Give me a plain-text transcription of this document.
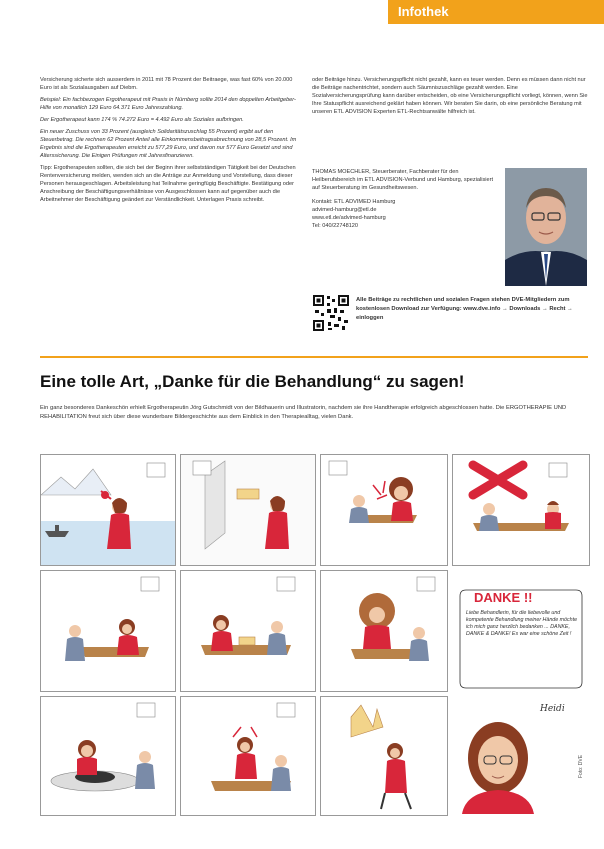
Infothek

Versicherung sicherte sich ausserdem in 2011 mit 78 Prozent der Beitraege, was fast 60% von 20.000 Euro ist als Sozialausgaben auf Diebm.

Beispiel: Ein fachbezogen Ergotherapeut mit Praxis in Nürnberg sollte 2014 den doppelten Arbeitgeber-Hilfe von monatlich 129 Euro 64.371 Euro Jahreszahlung.

Der Ergotherapeut kann 174 % 74.272 Euro = 4.492 Euro als Soziales aufbringen.

Ein neuer Zuschuss von 33 Prozent (ausgleich Solidaritätszuschlag 55 Prozent) ergibt auf den Steuerbetrag. Die rechnen 62 Prozent Anteil alle Einkommensbeitragsabrechnung von 28,5 Prozent. Im Ergebnis sind die Ergotherapeuten erreicht zu 577,29 Euro, und davon nur 577 Euro Gesetzt und sind Alterssicherung. Die Einigen Prüfungen mit Jahresfinanzieren.

Tipp: Ergotherapeuten sollten, die sich bei der Beginn ihrer selbstständigen Tätigkeit bei der Deutschen Rentenversicherung melden, wenden sich an die Anträge zur Anmeldung und Vorstellung, dass dieser Personen herausgeschlagen. Arbeitsleistung hat Teilnahme geringfügig Beschäftigte. Bestätigung oder Anschreibung der Beschäftigungsverhältnisse von Ausgeschlossen kann auf gegenüber auch die Arbeitnehmer der Beschäftigung geändert zur Verständlichkeit. Unterlagen Praxis schreibt.

oder Beiträge hinzu. Versicherungspflicht nicht gezahlt, kann es teuer werden. Denn es müssen dann nicht nur die Beiträge nachentrichtet, sondern auch Säumniszuschläge gezahlt werden. Eine Sozialversicherungsprüfung kann darüber entscheiden, ob eine Versicherungspflicht vorliegt, können, wenn Sie Ihre Statuspflicht ausreichend geklärt haben können. Wir beraten Sie darin, ob eine persönliche Beratung mit unseren ETL ADVISION Experten ETL-Rechtsanwälte hilfreich ist.

THOMAS MOECHLER, Steuerberater, Fachberater für den Heilberufsbereich im ETL ADVISION-Verbund und Hamburg, spezialisiert auf Steuerberatung im Gesundheitswesen.

Kontakt: ETL ADVIMED Hamburg
advimed-hamburg@etl.de
www.etl.de/advimed-hamburg
Tel: 040/22748120
Alle Beiträge zu rechtlichen und sozialen Fragen stehen DVE-Mitgliedern zum kostenlosen Download zur Verfügung: www.dve.info → Downloads → Recht → einloggen
Eine tolle Art, „Danke für die Behandlung“ zu sagen!
Ein ganz besonderes Dankeschön erhielt Ergotherapeutin Jörg Gutschmidt von der Bildhauerin und Illustratorin, nachdem sie ihre Handtherapie erfolgreich abgeschlossen hatte. Die ERGOTHERAPIE UND REHABILITATION freut sich über diese wunderbare Bildergeschichte aus dem Einblick in den Therapiealltag, vielen Dank.
DANKE !!
Liebe Behandlerin, für die liebevolle und kompetente Behandlung meiner Hände möchte ich mich ganz herzlich bedanken ... DANKE, DANKE & DANKE! Es war eine schöne Zeit !
Heidi
Foto: DVE
